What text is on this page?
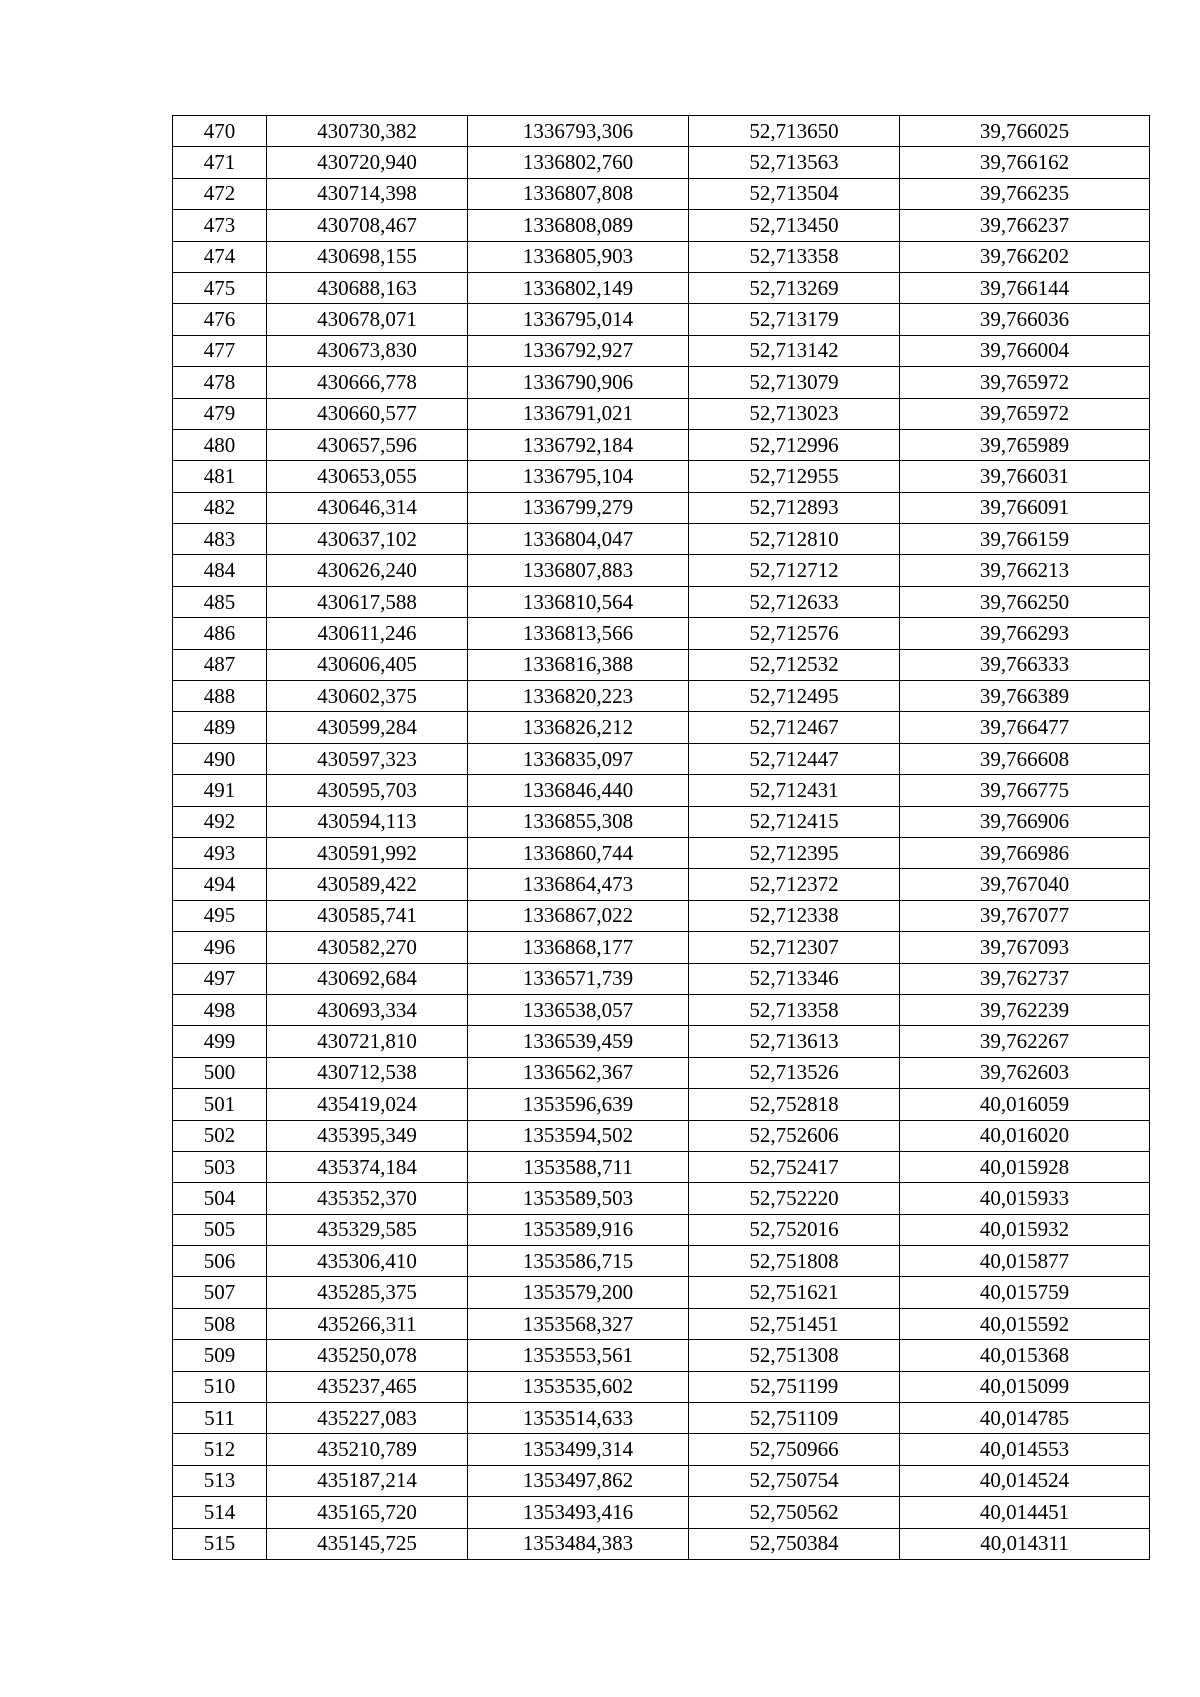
470	430730,382	1336793,306	52,713650	39,766025
471	430720,940	1336802,760	52,713563	39,766162
472	430714,398	1336807,808	52,713504	39,766235
473	430708,467	1336808,089	52,713450	39,766237
474	430698,155	1336805,903	52,713358	39,766202
475	430688,163	1336802,149	52,713269	39,766144
476	430678,071	1336795,014	52,713179	39,766036
477	430673,830	1336792,927	52,713142	39,766004
478	430666,778	1336790,906	52,713079	39,765972
479	430660,577	1336791,021	52,713023	39,765972
480	430657,596	1336792,184	52,712996	39,765989
481	430653,055	1336795,104	52,712955	39,766031
482	430646,314	1336799,279	52,712893	39,766091
483	430637,102	1336804,047	52,712810	39,766159
484	430626,240	1336807,883	52,712712	39,766213
485	430617,588	1336810,564	52,712633	39,766250
486	430611,246	1336813,566	52,712576	39,766293
487	430606,405	1336816,388	52,712532	39,766333
488	430602,375	1336820,223	52,712495	39,766389
489	430599,284	1336826,212	52,712467	39,766477
490	430597,323	1336835,097	52,712447	39,766608
491	430595,703	1336846,440	52,712431	39,766775
492	430594,113	1336855,308	52,712415	39,766906
493	430591,992	1336860,744	52,712395	39,766986
494	430589,422	1336864,473	52,712372	39,767040
495	430585,741	1336867,022	52,712338	39,767077
496	430582,270	1336868,177	52,712307	39,767093
497	430692,684	1336571,739	52,713346	39,762737
498	430693,334	1336538,057	52,713358	39,762239
499	430721,810	1336539,459	52,713613	39,762267
500	430712,538	1336562,367	52,713526	39,762603
501	435419,024	1353596,639	52,752818	40,016059
502	435395,349	1353594,502	52,752606	40,016020
503	435374,184	1353588,711	52,752417	40,015928
504	435352,370	1353589,503	52,752220	40,015933
505	435329,585	1353589,916	52,752016	40,015932
506	435306,410	1353586,715	52,751808	40,015877
507	435285,375	1353579,200	52,751621	40,015759
508	435266,311	1353568,327	52,751451	40,015592
509	435250,078	1353553,561	52,751308	40,015368
510	435237,465	1353535,602	52,751199	40,015099
511	435227,083	1353514,633	52,751109	40,014785
512	435210,789	1353499,314	52,750966	40,014553
513	435187,214	1353497,862	52,750754	40,014524
514	435165,720	1353493,416	52,750562	40,014451
515	435145,725	1353484,383	52,750384	40,014311
